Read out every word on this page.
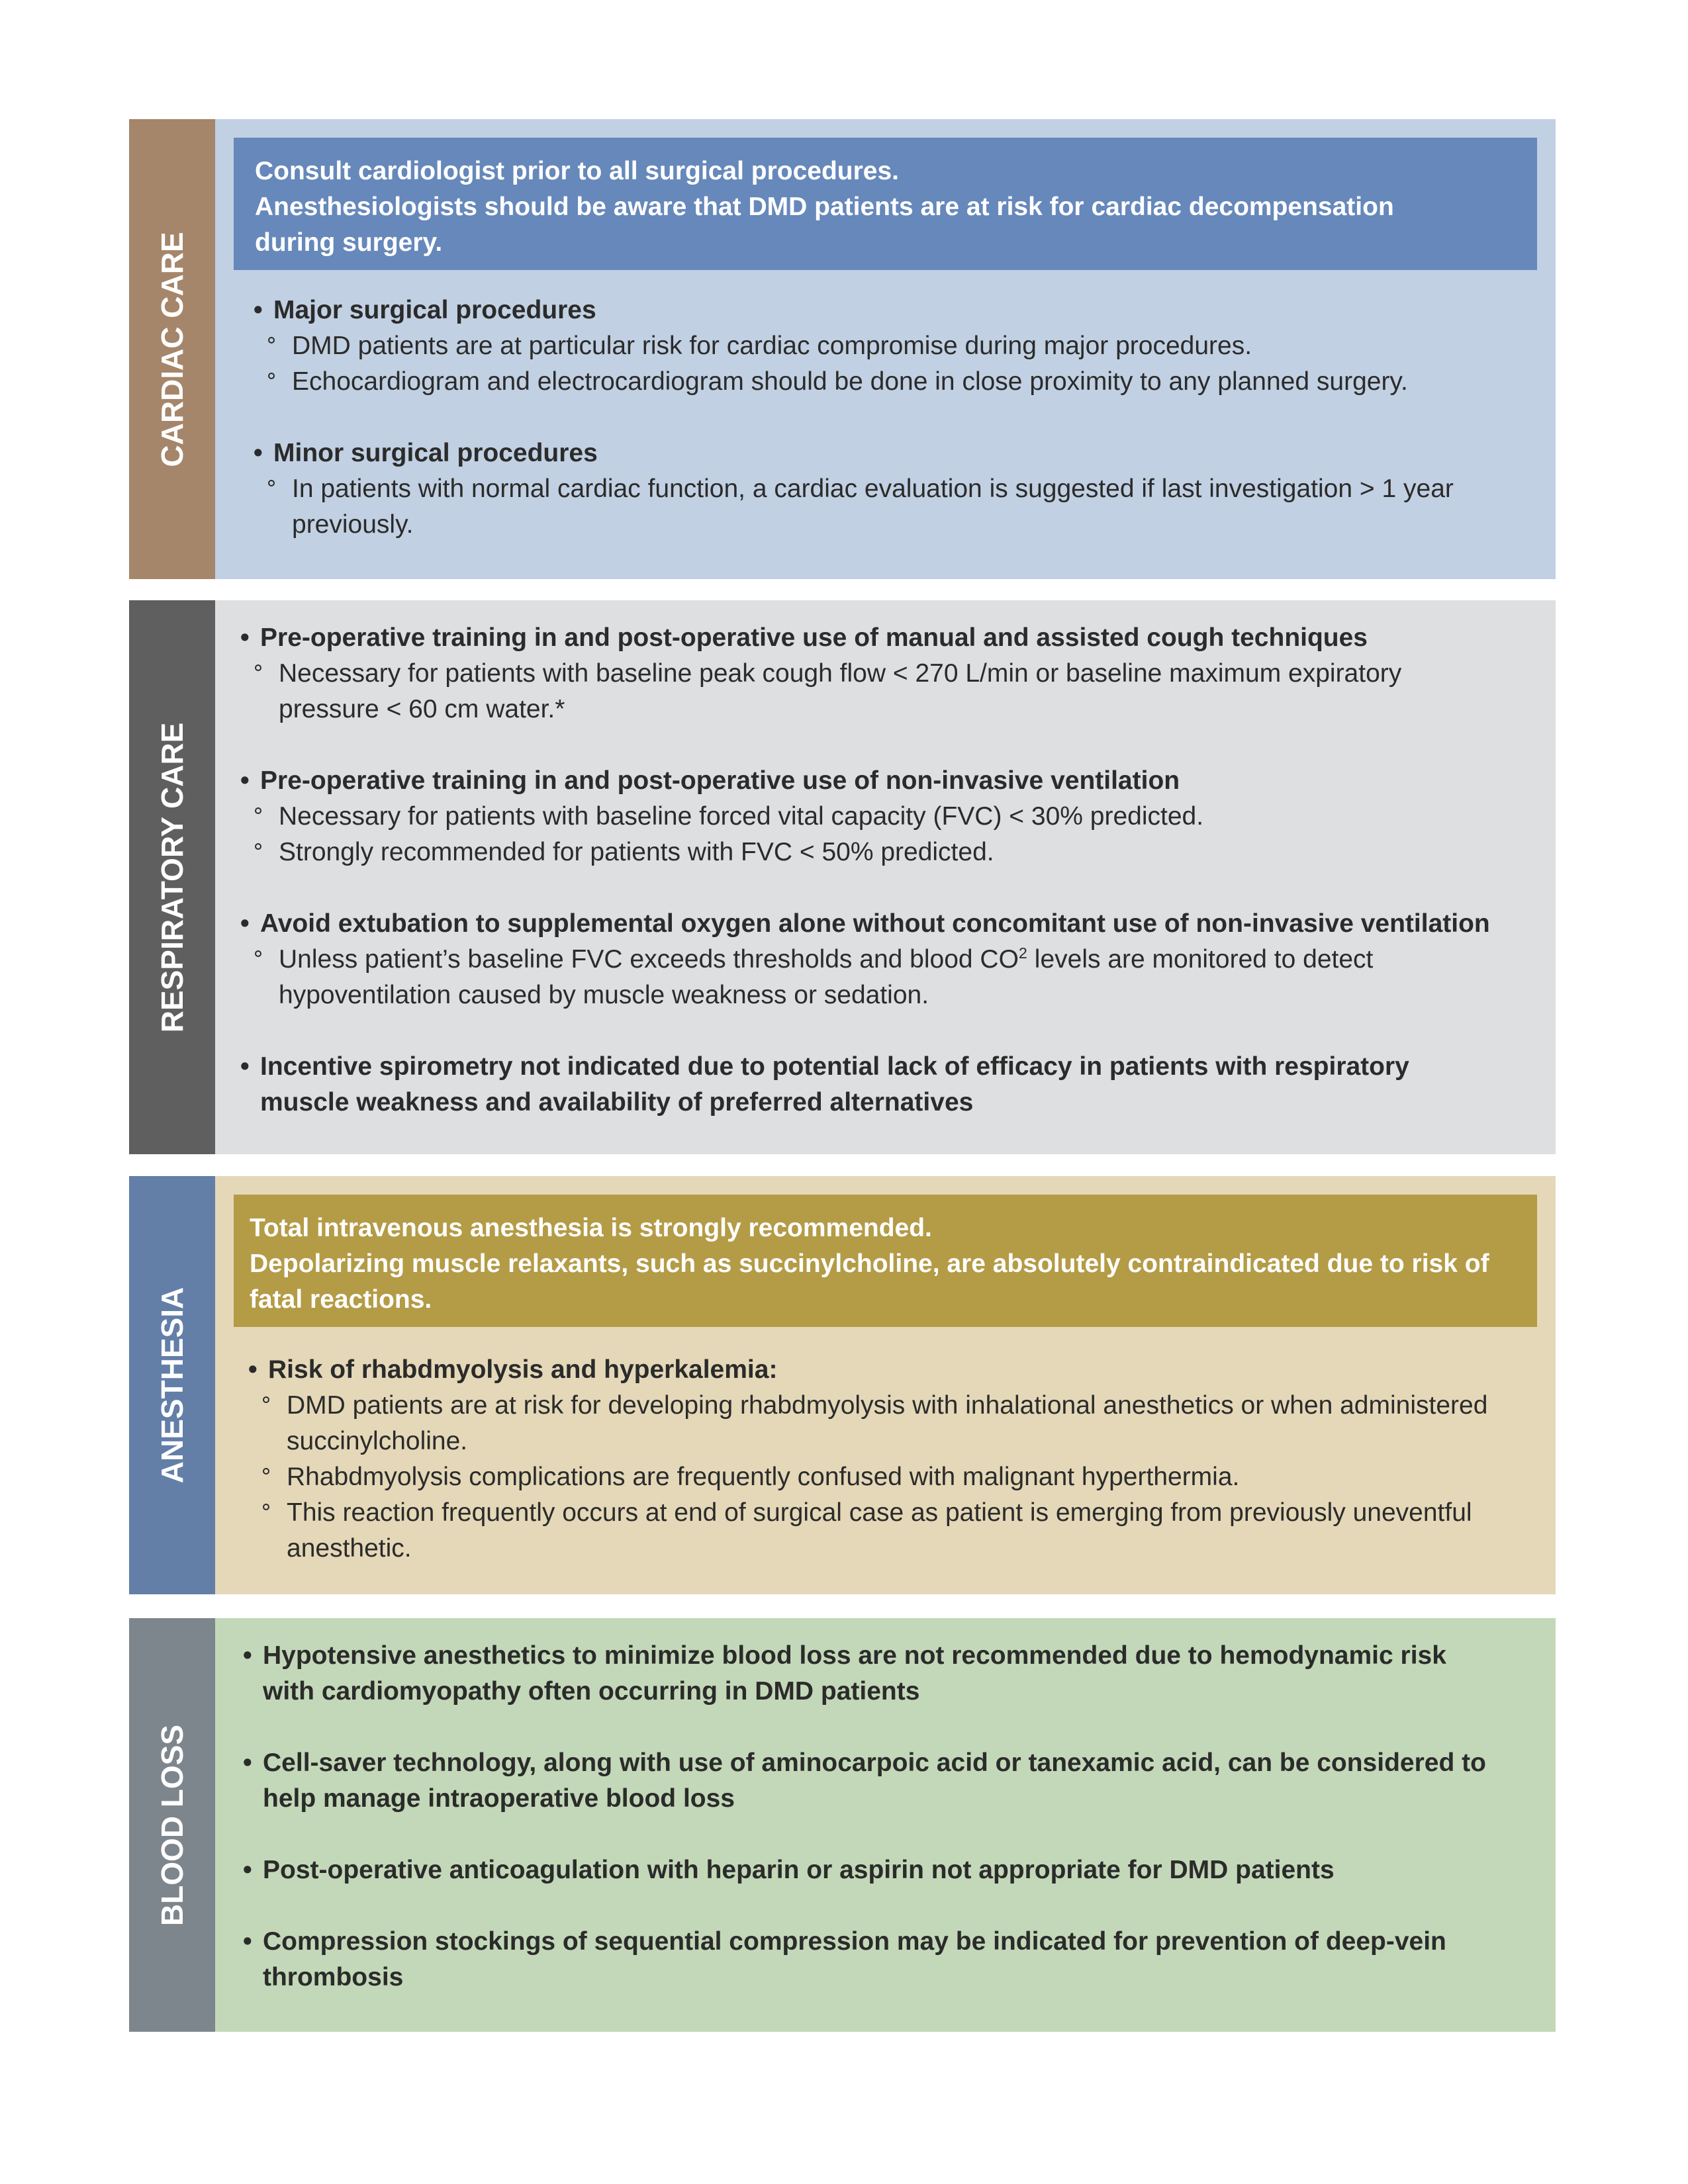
CARDIAC CARE

Consult cardiologist prior to all surgical procedures.

Anesthesiologists should be aware that DMD patients are at risk for cardiac decompensation during surgery.

• Major surgical procedures

DMD patients are at particular risk for cardiac compromise during major procedures.

Echocardiogram and electrocardiogram should be done in close proximity to any planned surgery.

• Minor surgical procedures

In patients with normal cardiac function, a cardiac evaluation is suggested if last investigation > 1 year previously.

RESPIRATORY CARE

• Pre-operative training in and post-operative use of manual and assisted cough techniques

Necessary for patients with baseline peak cough flow < 270 L/min or baseline maximum expiratory pressure < 60 cm water.*

• Pre-operative training in and post-operative use of non-invasive ventilation

Necessary for patients with baseline forced vital capacity (FVC) < 30% predicted.

Strongly recommended for patients with FVC < 50% predicted.

• Avoid extubation to supplemental oxygen alone without concomitant use of non-invasive ventilation

Unless patient’s baseline FVC exceeds thresholds and blood $CO^2$ levels are monitored to detect hypoventilation caused by muscle weakness or sedation.

• Incentive spirometry not indicated due to potential lack of efficacy in patients with respiratory muscle weakness and availability of preferred alternatives

ANESTHESIA

Total intravenous anesthesia is strongly recommended.

Depolarizing muscle relaxants, such as succinylcholine, are absolutely contraindicated due to risk of fatal reactions.

• Risk of rhabdmyolysis and hyperkalemia:

DMD patients are at risk for developing rhabdmyolysis with inhalational anesthetics or when administered succinylcholine.

Rhabdmyolysis complications are frequently confused with malignant hyperthermia.

This reaction frequently occurs at end of surgical case as patient is emerging from previously uneventful anesthetic.

BLOOD LOSS

• Hypotensive anesthetics to minimize blood loss are not recommended due to hemodynamic risk with cardiomyopathy often occurring in DMD patients

• Cell-saver technology, along with use of aminocarpoic acid or tanexamic acid, can be considered to help manage intraoperative blood loss

• Post-operative anticoagulation with heparin or aspirin not appropriate for DMD patients

• Compression stockings of sequential compression may be indicated for prevention of deep-vein thrombosis
